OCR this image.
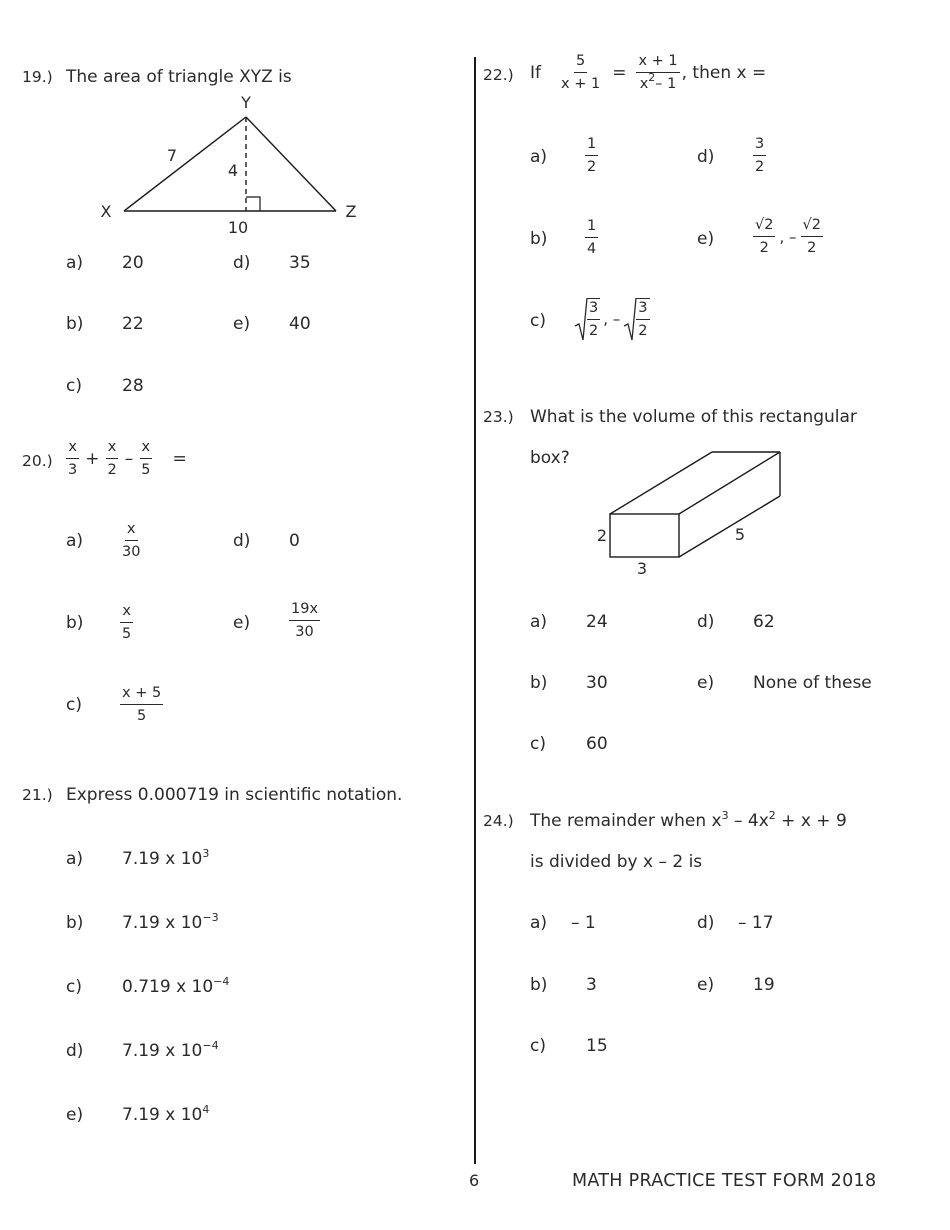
19.) The area of triangle XYZ is
Y
X	Z
7
4
10
a) 20
b) 22
c) 28
d) 35
e) 40
$20.) \frac{x}{3} + \frac{x}{2} - \frac{x}{5}$ =
a)	$\frac{x}{30}$
b)	$\frac{x}{5}$
c)	$\frac{x + 5}{5}$
d) 0
e)	$\frac{19x}{30}$
21.) Express 0.000719 in scientific notation.
a) 7.19 x $10^3$
b) 7.19 x $10^{-3}$
c) 0.719 x $10^{-4}$
d) 7.19 x $10^{-4}$
e) 7.19 x $10^4$
22.) If $\frac{5}{x + 1} = \frac{x + 1}{x^2- 1}$ , then x =
a)	$\frac{1}{2}$
b)	$\frac{1}{4}$
c)	$\frac{3}{2}$ , – $\frac{3}{2}$
d)	$\frac{3}{2}$
e)	$\frac{√2}{2}$ , – $\frac{√2}{2}$
23.) What is the volume of this rectangular
box?
2
3
5
a) 24
b) 30
c) 60
d) 62
e) None of these
24.) The remainder when $x^3 - 4x^2 + x + 9$
is divided by x – 2 is
a) – 1
b) 3
c) 15
d) – 17
e) 19
6	MATH PRACTICE TEST FORM 2018
